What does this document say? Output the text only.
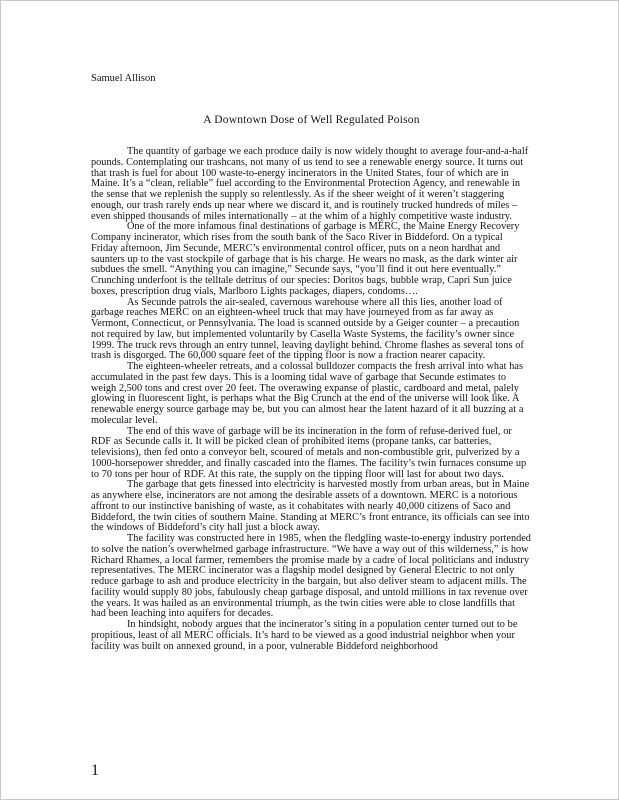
Samuel Allison

A Downtown Dose of Well Regulated Poison

The quantity of garbage we each produce daily is now widely thought to average four-and-a-half pounds. Contemplating our trashcans, not many of us tend to see a renewable energy source. It turns out that trash is fuel for about 100 waste-to-energy incinerators in the United States, four of which are in Maine. It’s a “clean, reliable” fuel according to the Environmental Protection Agency, and renewable in the sense that we replenish the supply so relentlessly. As if the sheer weight of it weren’t staggering enough, our trash rarely ends up near where we discard it, and is routinely trucked hundreds of miles – even shipped thousands of miles internationally – at the whim of a highly competitive waste industry.

One of the more infamous final destinations of garbage is MERC, the Maine Energy Recovery Company incinerator, which rises from the south bank of the Saco River in Biddeford. On a typical Friday afternoon, Jim Secunde, MERC’s environmental control officer, puts on a neon hardhat and saunters up to the vast stockpile of garbage that is his charge. He wears no mask, as the dark winter air subdues the smell. “Anything you can imagine,” Secunde says, “you’ll find it out here eventually.” Crunching underfoot is the telltale detritus of our species: Doritos bags, bubble wrap, Capri Sun juice boxes, prescription drug vials, Marlboro Lights packages, diapers, condoms….

As Secunde patrols the air-sealed, cavernous warehouse where all this lies, another load of garbage reaches MERC on an eighteen-wheel truck that may have journeyed from as far away as Vermont, Connecticut, or Pennsylvania. The load is scanned outside by a Geiger counter – a precaution not required by law, but implemented voluntarily by Casella Waste Systems, the facility’s owner since 1999. The truck revs through an entry tunnel, leaving daylight behind. Chrome flashes as several tons of trash is disgorged. The 60,000 square feet of the tipping floor is now a fraction nearer capacity.

The eighteen-wheeler retreats, and a colossal bulldozer compacts the fresh arrival into what has accumulated in the past few days. This is a looming tidal wave of garbage that Secunde estimates to weigh 2,500 tons and crest over 20 feet. The overawing expanse of plastic, cardboard and metal, palely glowing in fluorescent light, is perhaps what the Big Crunch at the end of the universe will look like. A renewable energy source garbage may be, but you can almost hear the latent hazard of it all buzzing at a molecular level.

The end of this wave of garbage will be its incineration in the form of refuse-derived fuel, or RDF as Secunde calls it. It will be picked clean of prohibited items (propane tanks, car batteries, televisions), then fed onto a conveyor belt, scoured of metals and non-combustible grit, pulverized by a 1000-horsepower shredder, and finally cascaded into the flames. The facility’s twin furnaces consume up to 70 tons per hour of RDF. At this rate, the supply on the tipping floor will last for about two days.

The garbage that gets finessed into electricity is harvested mostly from urban areas, but in Maine as anywhere else, incinerators are not among the desirable assets of a downtown. MERC is a notorious affront to our instinctive banishing of waste, as it cohabitates with nearly 40,000 citizens of Saco and Biddeford, the twin cities of southern Maine. Standing at MERC’s front entrance, its officials can see into the windows of Biddeford’s city hall just a block away.

The facility was constructed here in 1985, when the fledgling waste-to-energy industry portended to solve the nation’s overwhelmed garbage infrastructure. “We have a way out of this wilderness,” is how Richard Rhames, a local farmer, remembers the promise made by a cadre of local politicians and industry representatives. The MERC incinerator was a flagship model designed by General Electric to not only reduce garbage to ash and produce electricity in the bargain, but also deliver steam to adjacent mills. The facility would supply 80 jobs, fabulously cheap garbage disposal, and untold millions in tax revenue over the years. It was hailed as an environmental triumph, as the twin cities were able to close landfills that had been leaching into aquifers for decades.

In hindsight, nobody argues that the incinerator’s siting in a population center turned out to be propitious, least of all MERC officials. It’s hard to be viewed as a good industrial neighbor when your facility was built on annexed ground, in a poor, vulnerable Biddeford neighborhood

1
